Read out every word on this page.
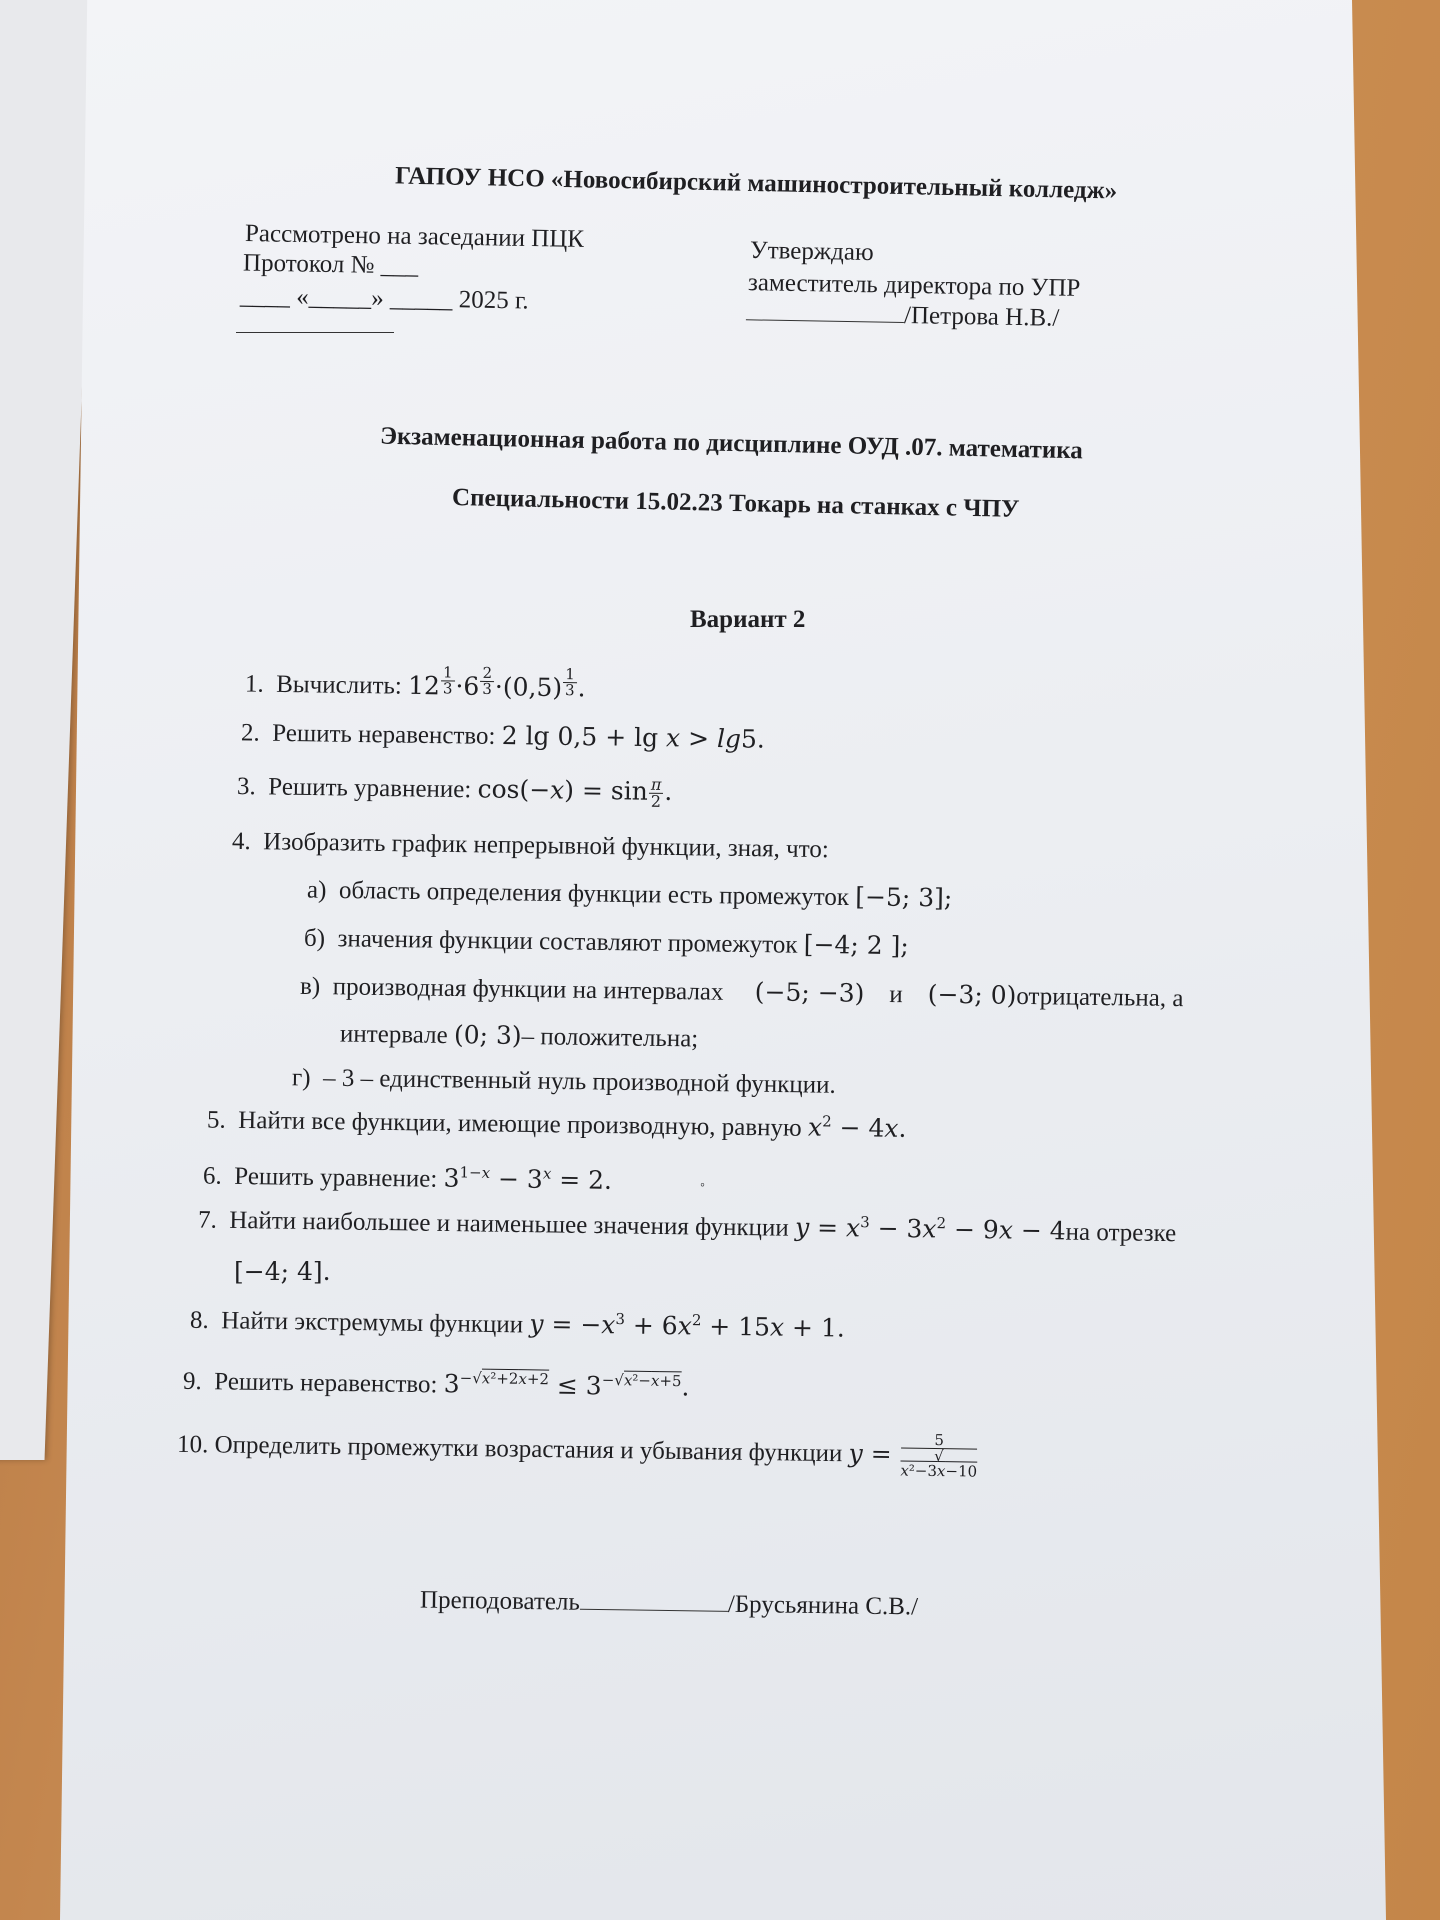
ГАПОУ НСО «Новосибирский машиностроительный колледж»
Рассмотрено на заседании ПЦК
Протокол № ___
____ «_____» _____ 2025 г.
Утверждаю
заместитель директора по УПР
/Петрова Н.В./
Экзаменационная работа по дисциплине ОУД .07. математика
Специальности 15.02.23 Токарь на станках с ЧПУ
Вариант 2
1. Вычислить: 12 $^{\frac{1}{3}}$ ·6 $^{\frac{2}{3}}$ ·(0,5) $^{\frac{1}{3}}$ .
2. Решить неравенство: 2 lg 0,5 + lg x > lg5.
3. Решить уравнение: $\cos(-x) = \sin \frac{\pi}{2}$ .
4. Изобразить график непрерывной функции, зная, что:
а) область определения функции есть промежуток [−5; 3];
б) значения функции составляют промежуток [−4; 2 ];
в) производная функции на интервалах (−5; −3) и (−3; 0)отрицательна, а
интервале (0; 3)– положительна;
г) – 3 – единственный нуль производной функции.
5. Найти все функции, имеющие производную, равную $x^2 - 4x$.
6. Решить уравнение: $3^{1-x} - 3^x = 2$.
7. Найти наибольшее и наименьшее значения функции $y = x^3 - 3x^2 - 9x - 4на$ отрезке
[−4; 4].
8. Найти экстремумы функции $y = -x^3 + 6x^2 + 15x + 1$.
9. Решить неравенство: $3^{-√x^2+2x+2} \le 3^{-√x^2-x+5}$.
10. Определить промежутки возрастания и убывания функции y = 5
√
x²−3x−10
Преподователь	/Брусьянина С.В./
◦
